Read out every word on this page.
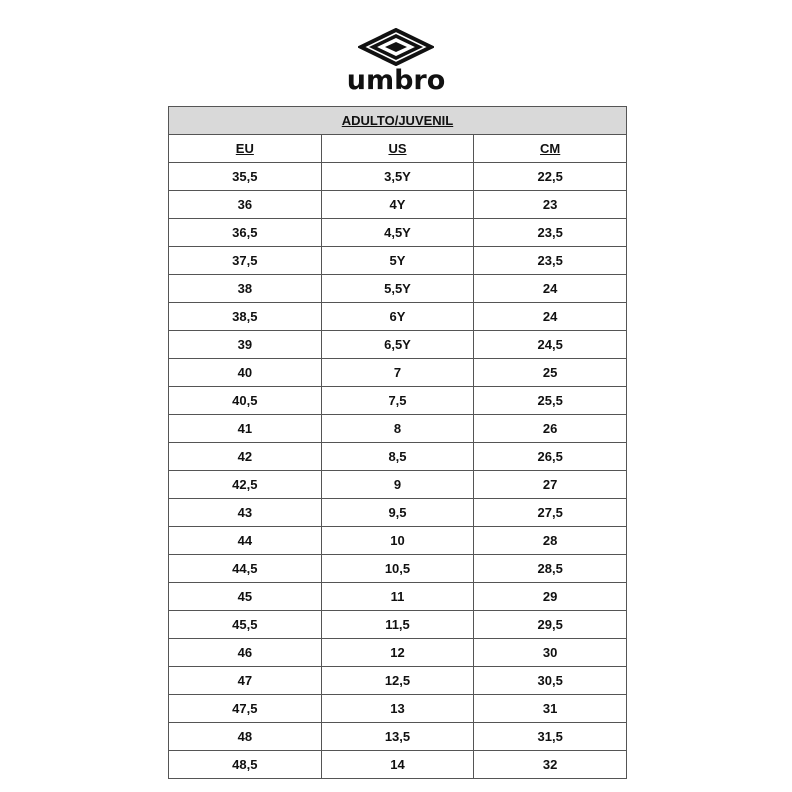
umbro
ADULTO/JUVENIL		
EU	US	CM
35,5	3,5Y	22,5
36	4Y	23
36,5	4,5Y	23,5
37,5	5Y	23,5
38	5,5Y	24
38,5	6Y	24
39	6,5Y	24,5
40	7	25
40,5	7,5	25,5
41	8	26
42	8,5	26,5
42,5	9	27
43	9,5	27,5
44	10	28
44,5	10,5	28,5
45	11	29
45,5	11,5	29,5
46	12	30
47	12,5	30,5
47,5	13	31
48	13,5	31,5
48,5	14	32
